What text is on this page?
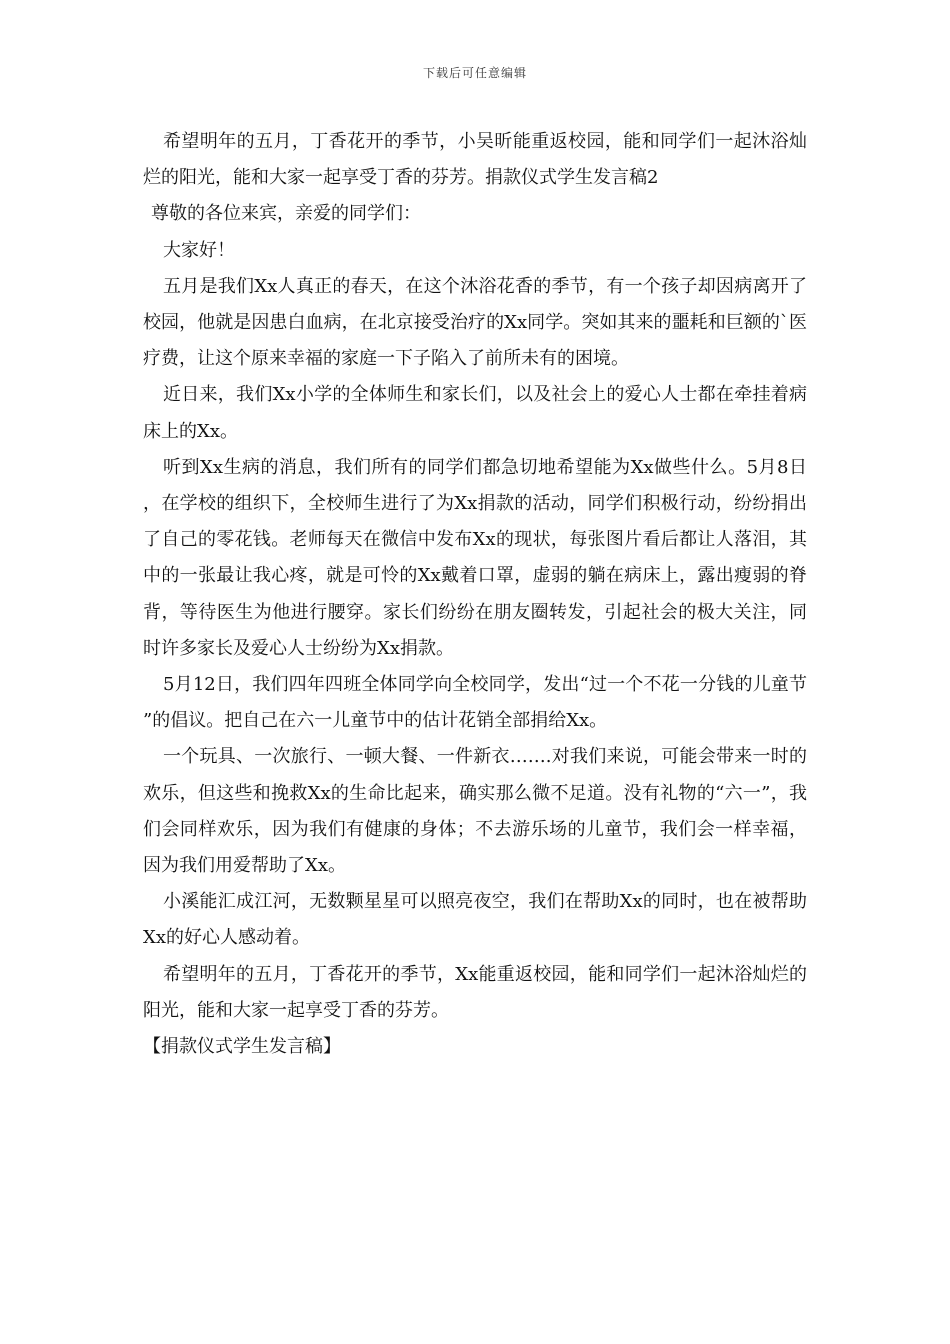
下载后可任意编辑

希望明年的五月，丁香花开的季节，小吴昕能重返校园，能和同学们一起沐浴灿烂的阳光，能和大家一起享受丁香的芬芳。捐款仪式学生发言稿2

尊敬的各位来宾，亲爱的同学们：

大家好！

五月是我们Xx人真正的春天，在这个沐浴花香的季节，有一个孩子却因病离开了校园，他就是因患白血病，在北京接受治疗的Xx同学。突如其来的噩耗和巨额的`医疗费，让这个原来幸福的家庭一下子陷入了前所未有的困境。

近日来，我们Xx小学的全体师生和家长们，以及社会上的爱心人士都在牵挂着病床上的Xx。

听到Xx生病的消息，我们所有的同学们都急切地希望能为Xx做些什么。5月8日，在学校的组织下，全校师生进行了为Xx捐款的活动，同学们积极行动，纷纷捐出了自己的零花钱。老师每天在微信中发布Xx的现状，每张图片看后都让人落泪，其中的一张最让我心疼，就是可怜的Xx戴着口罩，虚弱的躺在病床上，露出瘦弱的脊背，等待医生为他进行腰穿。家长们纷纷在朋友圈转发，引起社会的极大关注，同时许多家长及爱心人士纷纷为Xx捐款。

5月12日，我们四年四班全体同学向全校同学，发出“过一个不花一分钱的儿童节”的倡议。把自己在六一儿童节中的估计花销全部捐给Xx。

一个玩具、一次旅行、一顿大餐、一件新衣…….对我们来说，可能会带来一时的欢乐，但这些和挽救Xx的生命比起来，确实那么微不足道。没有礼物的“六一”，我们会同样欢乐，因为我们有健康的身体；不去游乐场的儿童节，我们会一样幸福，因为我们用爱帮助了Xx。

小溪能汇成江河，无数颗星星可以照亮夜空，我们在帮助Xx的同时，也在被帮助Xx的好心人感动着。

希望明年的五月，丁香花开的季节，Xx能重返校园，能和同学们一起沐浴灿烂的阳光，能和大家一起享受丁香的芬芳。

【捐款仪式学生发言稿】
